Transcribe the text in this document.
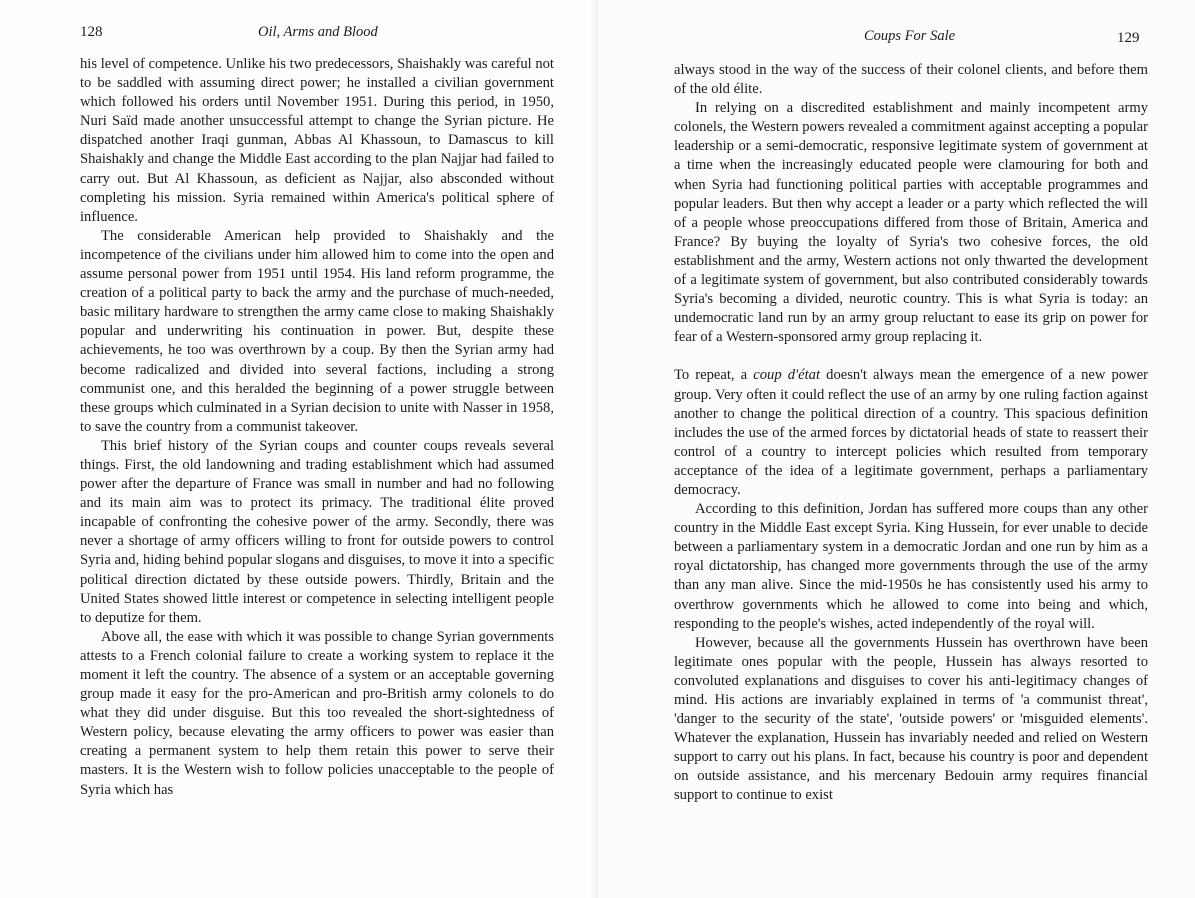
128	Oil, Arms and Blood

his level of competence. Unlike his two predecessors, Shaishakly was careful not to be saddled with assuming direct power; he installed a civilian government which followed his orders until November 1951. During this period, in 1950, Nuri Saïd made another unsuccessful attempt to change the Syrian picture. He dispatched another Iraqi gunman, Abbas Al Khassoun, to Damascus to kill Shaishakly and change the Middle East according to the plan Najjar had failed to carry out. But Al Khassoun, as deficient as Najjar, also absconded without completing his mission. Syria remained within America's political sphere of influence.

The considerable American help provided to Shaishakly and the incompetence of the civilians under him allowed him to come into the open and assume personal power from 1951 until 1954. His land reform programme, the creation of a political party to back the army and the purchase of much-needed, basic military hardware to strengthen the army came close to making Shaishakly popular and underwriting his continuation in power. But, despite these achievements, he too was overthrown by a coup. By then the Syrian army had become radicalized and divided into several factions, including a strong communist one, and this heralded the beginning of a power struggle between these groups which culminated in a Syrian decision to unite with Nasser in 1958, to save the country from a communist takeover.

This brief history of the Syrian coups and counter coups reveals several things. First, the old landowning and trading establishment which had assumed power after the departure of France was small in number and had no following and its main aim was to protect its primacy. The traditional élite proved incapable of confronting the cohesive power of the army. Secondly, there was never a shortage of army officers willing to front for outside powers to control Syria and, hiding behind popular slogans and disguises, to move it into a specific political direction dictated by these outside powers. Thirdly, Britain and the United States showed little interest or competence in selecting intelligent people to deputize for them.

Above all, the ease with which it was possible to change Syrian governments attests to a French colonial failure to create a working system to replace it the moment it left the country. The absence of a system or an acceptable governing group made it easy for the pro-American and pro-British army colonels to do what they did under disguise. But this too revealed the short-sightedness of Western policy, because elevating the army officers to power was easier than creating a permanent system to help them retain this power to serve their masters. It is the Western wish to follow policies unacceptable to the people of Syria which has

Coups For Sale	129

always stood in the way of the success of their colonel clients, and before them of the old élite.

In relying on a discredited establishment and mainly incompetent army colonels, the Western powers revealed a commitment against accepting a popular leadership or a semi-democratic, responsive legitimate system of government at a time when the increasingly educated people were clamouring for both and when Syria had functioning political parties with acceptable programmes and popular leaders. But then why accept a leader or a party which reflected the will of a people whose preoccupations differed from those of Britain, America and France? By buying the loyalty of Syria's two cohesive forces, the old establishment and the army, Western actions not only thwarted the development of a legitimate system of government, but also contributed considerably towards Syria's becoming a divided, neurotic country. This is what Syria is today: an undemocratic land run by an army group reluctant to ease its grip on power for fear of a Western-sponsored army group replacing it.

To repeat, a coup d'état doesn't always mean the emergence of a new power group. Very often it could reflect the use of an army by one ruling faction against another to change the political direction of a country. This spacious definition includes the use of the armed forces by dictatorial heads of state to reassert their control of a country to intercept policies which resulted from temporary acceptance of the idea of a legitimate government, perhaps a parliamentary democracy.

According to this definition, Jordan has suffered more coups than any other country in the Middle East except Syria. King Hussein, for ever unable to decide between a parliamentary system in a democratic Jordan and one run by him as a royal dictatorship, has changed more governments through the use of the army than any man alive. Since the mid-1950s he has consistently used his army to overthrow governments which he allowed to come into being and which, responding to the people's wishes, acted independently of the royal will.

However, because all the governments Hussein has overthrown have been legitimate ones popular with the people, Hussein has always resorted to convoluted explanations and disguises to cover his anti-legitimacy changes of mind. His actions are invariably explained in terms of 'a communist threat', 'danger to the security of the state', 'outside powers' or 'misguided elements'. Whatever the explanation, Hussein has invariably needed and relied on Western support to carry out his plans. In fact, because his country is poor and dependent on outside assistance, and his mercenary Bedouin army requires financial support to continue to exist
